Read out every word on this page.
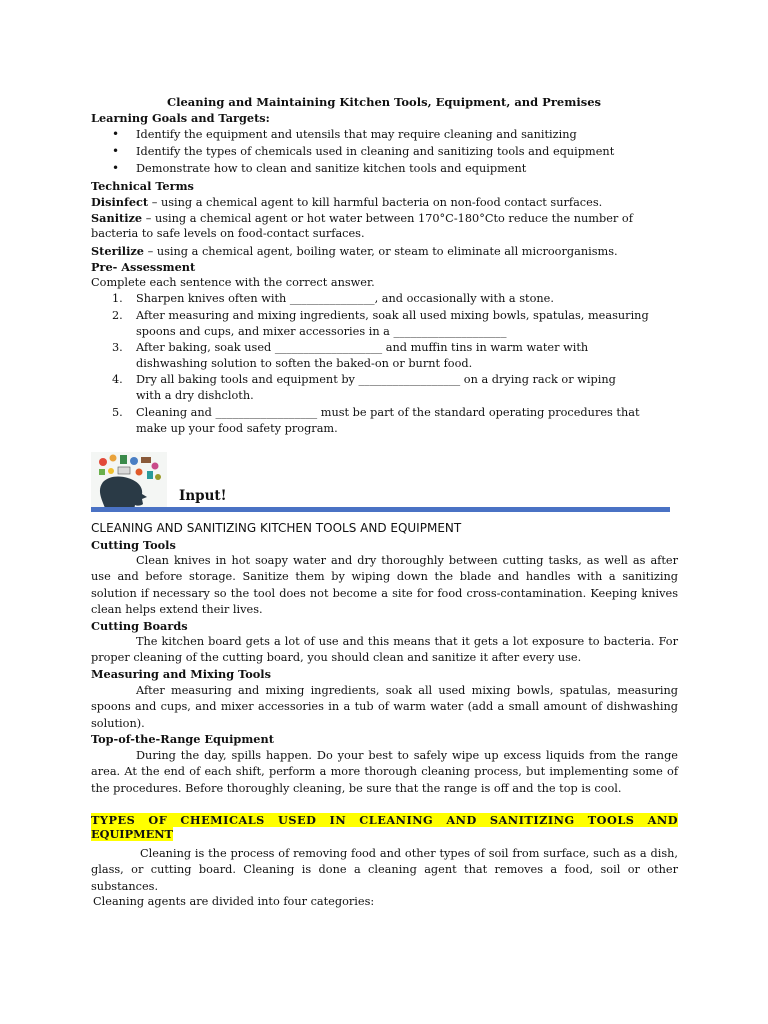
Cleaning and Maintaining Kitchen Tools, Equipment, and Premises
Learning Goals and Targets:
• Identify the equipment and utensils that may require cleaning and sanitizing
• Identify the types of chemicals used in cleaning and sanitizing tools and equipment
• Demonstrate how to clean and sanitize kitchen tools and equipment
Technical Terms
Disinfect – using a chemical agent to kill harmful bacteria on non-food contact surfaces.
Sanitize – using a chemical agent or hot water between 170°C-180°Cto reduce the number of
bacteria to safe levels on food-contact surfaces.
Sterilize – using a chemical agent, boiling water, or steam to eliminate all microorganisms.
Pre- Assessment
Complete each sentence with the correct answer.
1. Sharpen knives often with _______________, and occasionally with a stone.
2. After measuring and mixing ingredients, soak all used mixing bowls, spatulas, measuring
spoons and cups, and mixer accessories in a ____________________
3. After baking, soak used ___________________ and muffin tins in warm water with
dishwashing solution to soften the baked-on or burnt food.
4. Dry all baking tools and equipment by __________________ on a drying rack or wiping
with a dry dishcloth.
5. Cleaning and __________________ must be part of the standard operating procedures that
make up your food safety program.
Input!
CLEANING AND SANITIZING KITCHEN TOOLS AND EQUIPMENT
Cutting Tools
Clean knives in hot soapy water and dry thoroughly between cutting tasks, as well as after use and before storage. Sanitize them by wiping down the blade and handles with a sanitizing solution if necessary so the tool does not become a site for food cross-contamination. Keeping knives clean helps extend their lives.
Cutting Boards
The kitchen board gets a lot of use and this means that it gets a lot exposure to bacteria. For proper cleaning of the cutting board, you should clean and sanitize it after every use.
Measuring and Mixing Tools
After measuring and mixing ingredients, soak all used mixing bowls, spatulas, measuring spoons and cups, and mixer accessories in a tub of warm water (add a small amount of dishwashing solution).
Top-of-the-Range Equipment
During the day, spills happen. Do your best to safely wipe up excess liquids from the range area. At the end of each shift, perform a more thorough cleaning process, but implementing some of the procedures. Before thoroughly cleaning, be sure that the range is off and the top is cool.
TYPES OF CHEMICALS USED IN CLEANING AND SANITIZING TOOLS AND
EQUIPMENT
Cleaning is the process of removing food and other types of soil from surface, such as a dish, glass, or cutting board. Cleaning is done a cleaning agent that removes a food, soil or other substances.
Cleaning agents are divided into four categories:
